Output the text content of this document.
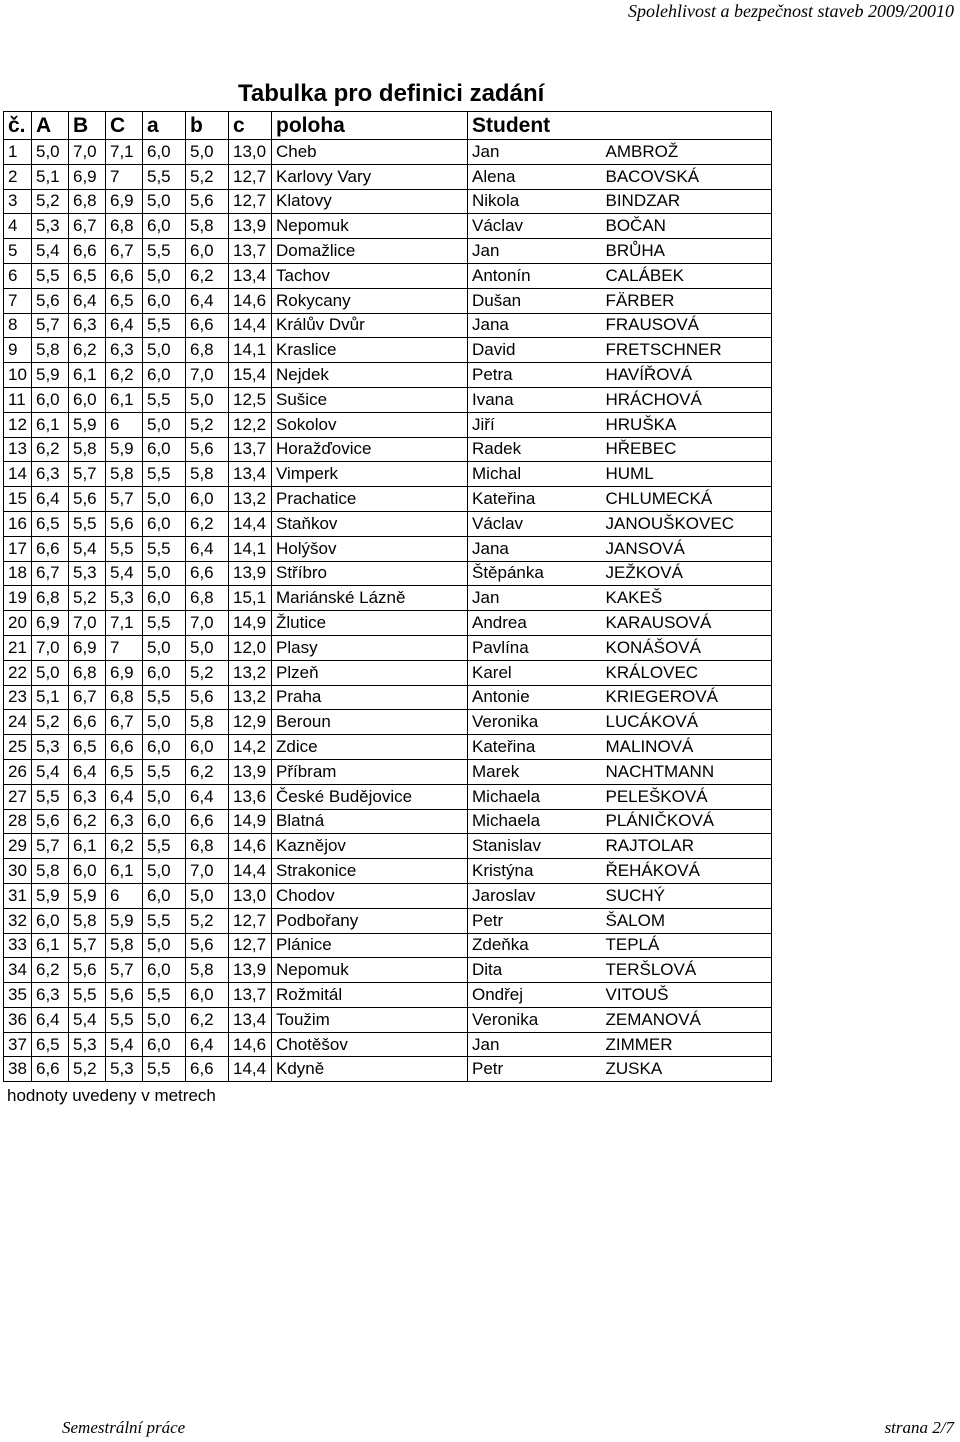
Spolehlivost a bezpečnost staveb 2009/20010
Tabulka pro definici zadání
č.	A	B	C	a	b	c	poloha	Student	
1	5,0	7,0	7,1	6,0	5,0	13,0	Cheb	Jan	AMBROŽ
2	5,1	6,9	7	5,5	5,2	12,7	Karlovy Vary	Alena	BACOVSKÁ
3	5,2	6,8	6,9	5,0	5,6	12,7	Klatovy	Nikola	BINDZAR
4	5,3	6,7	6,8	6,0	5,8	13,9	Nepomuk	Václav	BOČAN
5	5,4	6,6	6,7	5,5	6,0	13,7	Domažlice	Jan	BRŮHA
6	5,5	6,5	6,6	5,0	6,2	13,4	Tachov	Antonín	CALÁBEK
7	5,6	6,4	6,5	6,0	6,4	14,6	Rokycany	Dušan	FÄRBER
8	5,7	6,3	6,4	5,5	6,6	14,4	Králův Dvůr	Jana	FRAUSOVÁ
9	5,8	6,2	6,3	5,0	6,8	14,1	Kraslice	David	FRETSCHNER
10	5,9	6,1	6,2	6,0	7,0	15,4	Nejdek	Petra	HAVÍŘOVÁ
11	6,0	6,0	6,1	5,5	5,0	12,5	Sušice	Ivana	HRÁCHOVÁ
12	6,1	5,9	6	5,0	5,2	12,2	Sokolov	Jiří	HRUŠKA
13	6,2	5,8	5,9	6,0	5,6	13,7	Horažďovice	Radek	HŘEBEC
14	6,3	5,7	5,8	5,5	5,8	13,4	Vimperk	Michal	HUML
15	6,4	5,6	5,7	5,0	6,0	13,2	Prachatice	Kateřina	CHLUMECKÁ
16	6,5	5,5	5,6	6,0	6,2	14,4	Staňkov	Václav	JANOUŠKOVEC
17	6,6	5,4	5,5	5,5	6,4	14,1	Holýšov	Jana	JANSOVÁ
18	6,7	5,3	5,4	5,0	6,6	13,9	Stříbro	Štěpánka	JEŽKOVÁ
19	6,8	5,2	5,3	6,0	6,8	15,1	Mariánské Lázně	Jan	KAKEŠ
20	6,9	7,0	7,1	5,5	7,0	14,9	Žlutice	Andrea	KARAUSOVÁ
21	7,0	6,9	7	5,0	5,0	12,0	Plasy	Pavlína	KONÁŠOVÁ
22	5,0	6,8	6,9	6,0	5,2	13,2	Plzeň	Karel	KRÁLOVEC
23	5,1	6,7	6,8	5,5	5,6	13,2	Praha	Antonie	KRIEGEROVÁ
24	5,2	6,6	6,7	5,0	5,8	12,9	Beroun	Veronika	LUCÁKOVÁ
25	5,3	6,5	6,6	6,0	6,0	14,2	Zdice	Kateřina	MALINOVÁ
26	5,4	6,4	6,5	5,5	6,2	13,9	Příbram	Marek	NACHTMANN
27	5,5	6,3	6,4	5,0	6,4	13,6	České Budějovice	Michaela	PELEŠKOVÁ
28	5,6	6,2	6,3	6,0	6,6	14,9	Blatná	Michaela	PLÁNIČKOVÁ
29	5,7	6,1	6,2	5,5	6,8	14,6	Kaznějov	Stanislav	RAJTOLAR
30	5,8	6,0	6,1	5,0	7,0	14,4	Strakonice	Kristýna	ŘEHÁKOVÁ
31	5,9	5,9	6	6,0	5,0	13,0	Chodov	Jaroslav	SUCHÝ
32	6,0	5,8	5,9	5,5	5,2	12,7	Podbořany	Petr	ŠALOM
33	6,1	5,7	5,8	5,0	5,6	12,7	Plánice	Zdeňka	TEPLÁ
34	6,2	5,6	5,7	6,0	5,8	13,9	Nepomuk	Dita	TERŠLOVÁ
35	6,3	5,5	5,6	5,5	6,0	13,7	Rožmitál	Ondřej	VITOUŠ
36	6,4	5,4	5,5	5,0	6,2	13,4	Toužim	Veronika	ZEMANOVÁ
37	6,5	5,3	5,4	6,0	6,4	14,6	Chotěšov	Jan	ZIMMER
38	6,6	5,2	5,3	5,5	6,6	14,4	Kdyně	Petr	ZUSKA
hodnoty uvedeny v metrech
Semestrální práce	strana 2/7
